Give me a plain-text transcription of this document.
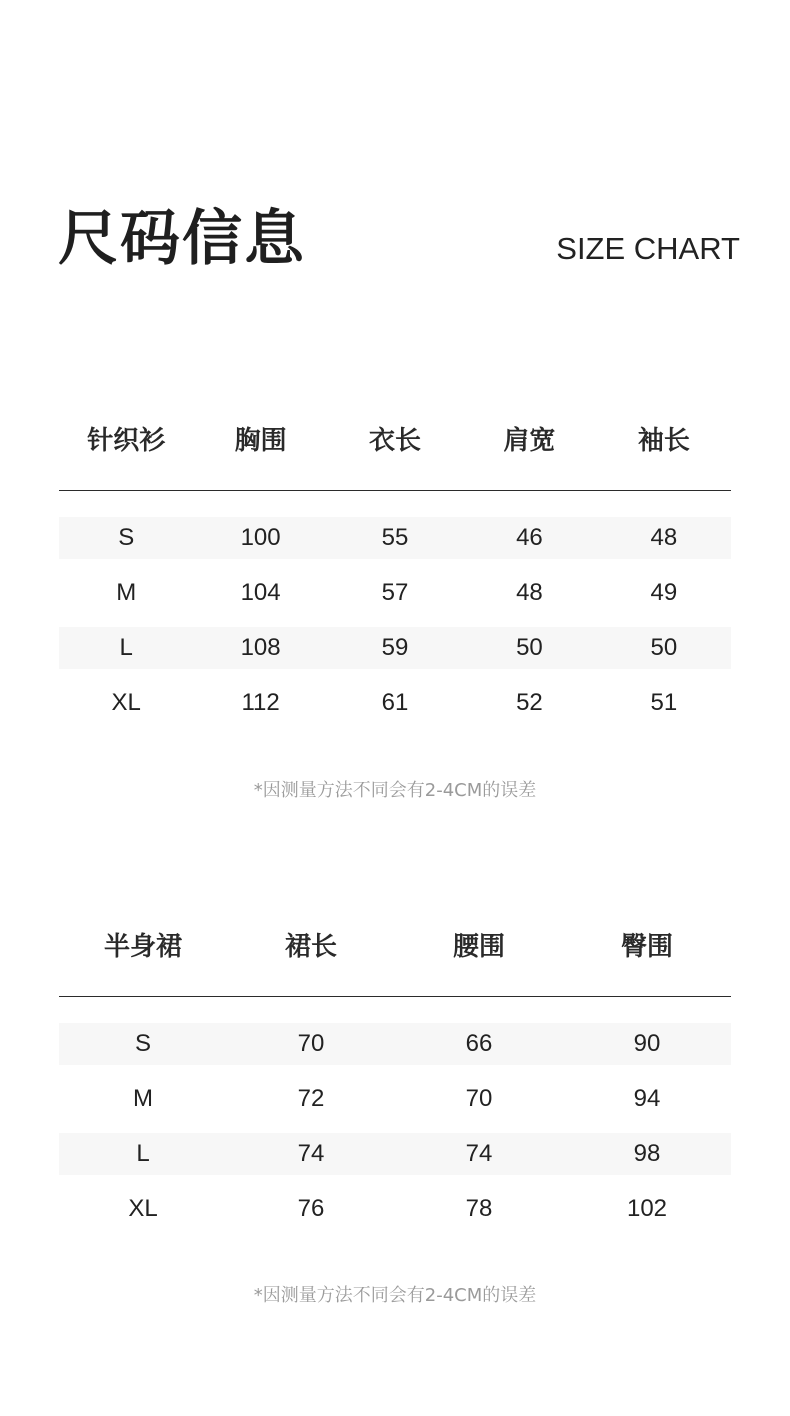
尺码信息	SIZE CHART
针织衫	胸围	衣长	肩宽	袖长
S	100	55	46	48
M	104	57	48	49
L	108	59	50	50
XL	112	61	52	51
*因测量方法不同会有2-4CM的误差
半身裙	裙长	腰围	臀围
S	70	66	90
M	72	70	94
L	74	74	98
XL	76	78	102
*因测量方法不同会有2-4CM的误差
